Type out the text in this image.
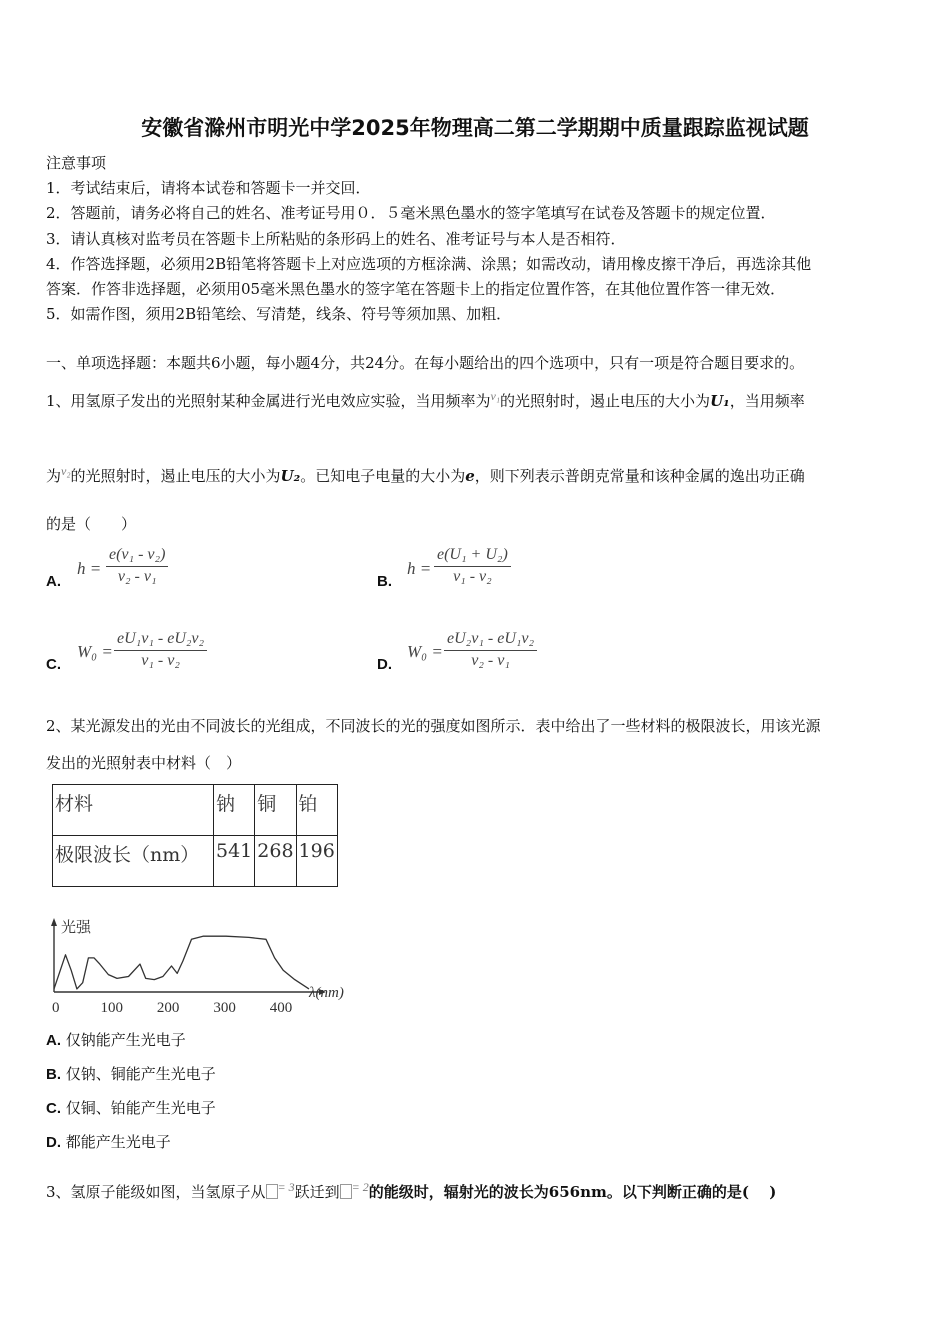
安徽省滁州市明光中学2025年物理高二第二学期期中质量跟踪监视试题
注意事项
1．考试结束后，请将本试卷和答题卡一并交回．
2．答题前，请务必将自己的姓名、准考证号用０．５毫米黑色墨水的签字笔填写在试卷及答题卡的规定位置．
3．请认真核对监考员在答题卡上所粘贴的条形码上的姓名、准考证号与本人是否相符．
4．作答选择题，必须用2B铅笔将答题卡上对应选项的方框涂满、涂黑；如需改动，请用橡皮擦干净后，再选涂其他
答案．作答非选择题，必须用05毫米黑色墨水的签字笔在答题卡上的指定位置作答，在其他位置作答一律无效．
5．如需作图，须用2B铅笔绘、写清楚，线条、符号等须加黑、加粗．
一、单项选择题：本题共6小题，每小题4分，共24分。在每小题给出的四个选项中，只有一项是符合题目要求的。
1、用氢原子发出的光照射某种金属进行光电效应实验，当用频率为$^{\nu_1}$的光照射时，遏止电压的大小为U₁，当用频率
为$^{\nu_2}$的光照射时，遏止电压的大小为U₂。已知电子电量的大小为e，则下列表示普朗克常量和该种金属的逸出功正确
的是（　　）
A.
$h = \frac{\text{e(ν₁ - ν₂)}}{\text{ν₂ - ν₁}}$	B.
$h = \frac{\text{e(U₁ + U₂)}}{\text{ν₁ - ν₂}}$
C.
$W_0 = \frac{\text{eU₁ν₁ - eU₂ν₂}}{\text{ν₁ - ν₂}}$	D.
$W_0 = \frac{\text{eU₂ν₁ - eU₁ν₂}}{\text{ν₂ - ν₁}}$
2、某光源发出的光由不同波长的光组成，不同波长的光的强度如图所示．表中给出了一些材料的极限波长，用该光源
发出的光照射表中材料（　）
材料	钠	铜	铂
极限波长（nm）	541	268	196
光强
0	100 200 300 400
λ(nm)
A. 仅钠能产生光电子
B. 仅钠、铜能产生光电子
C. 仅铜、铂能产生光电子
D. 都能产生光电子
3、氢原子能级如图，当氢原子从 $^{= 3}$跃迁到 $^{= 2}$的能级时，辐射光的波长为656nm。以下判断正确的是(　 )
